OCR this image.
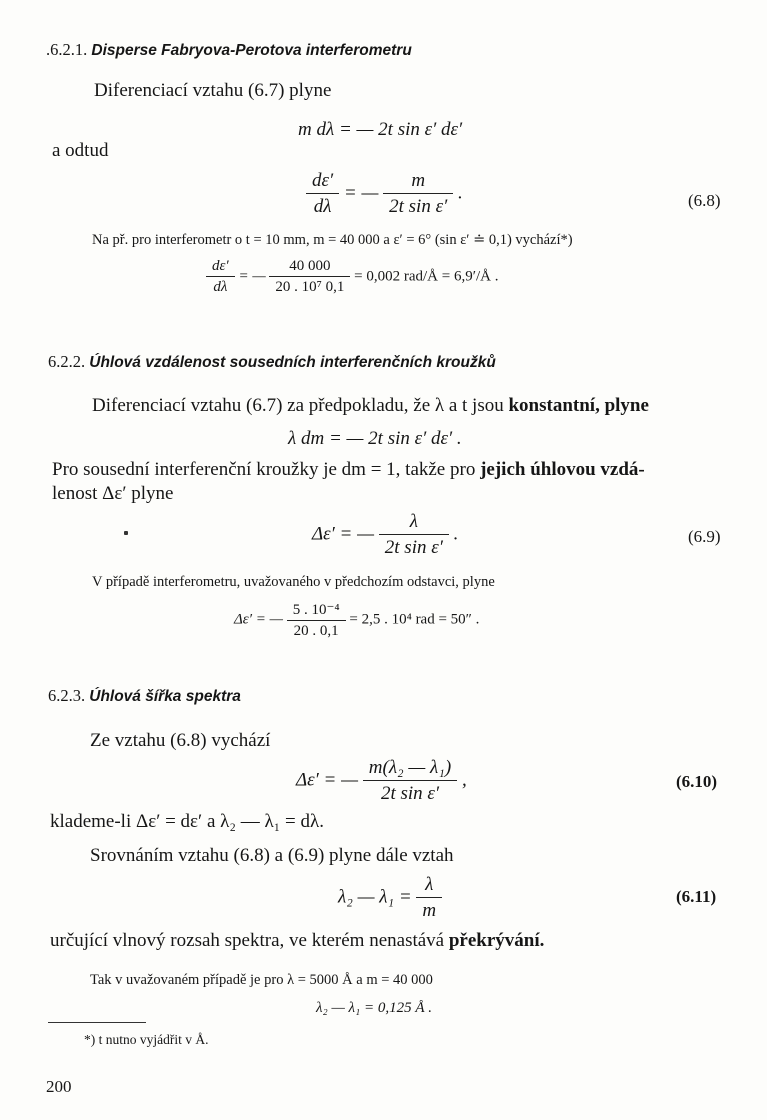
.6.2.1. Disperse Fabryova-Perotova interferometru
Diferenciací vztahu (6.7) plyne
m dλ = — 2t sin ε′ dε′
a odtud
$\frac{d\varepsilon'}{d\lambda}$ = — $\frac{m}{\text{2t sin ε′}}$ .	(6.8)
Na př. pro interferometr o t = 10 mm, m = 40 000 a ε′ = 6° (sin ε′ ≐ 0,1) vychází*)
$\frac{d\varepsilon'}{d\lambda}$ = — $\frac{40 000}{\text{20 . 10⁷ 0,1}} = 0,002$ rad/Å = 6,9′/Å .
6.2.2. Úhlová vzdálenost sousedních interferenčních kroužků
Diferenciací vztahu (6.7) za předpokladu, že λ a t jsou konstantní, plyne
λ dm = — 2t sin ε′ dε′ .
Pro sousední interferenční kroužky je dm = 1, takže pro jejich úhlovou vzdá-
lenost Δε′ plyne
Δε′ = — $\frac{\lambda}{\text{2t sin ε′}}$ .	(6.9)
V případě interferometru, uvažovaného v předchozím odstavci, plyne
Δε′ = — $\frac{\text{5 . 10⁻⁴}}{20 . 0,1} = 2,5$ . 10⁴ rad = 50″ .
6.2.3. Úhlová šířka spektra
Ze vztahu (6.8) vychází
Δε′ = — $\frac{\text{m(λ₂ — λ₁)}}{\text{2t sin ε′}}$ ,	(6.10)
klademe-li Δε′ = dε′ a λ₂ — λ₁ = dλ.
Srovnáním vztahu (6.8) a (6.9) plyne dále vztah
λ₂ — $\lambda_1 = \frac{\lambda}{m}$	(6.11)
určující vlnový rozsah spektra, ve kterém nenastává překrývání.
Tak v uvažovaném případě je pro λ = 5000 Å a m = 40 000
λ₂ — λ₁ = 0,125 Å .
*) t nutno vyjádřit v Å.
200
